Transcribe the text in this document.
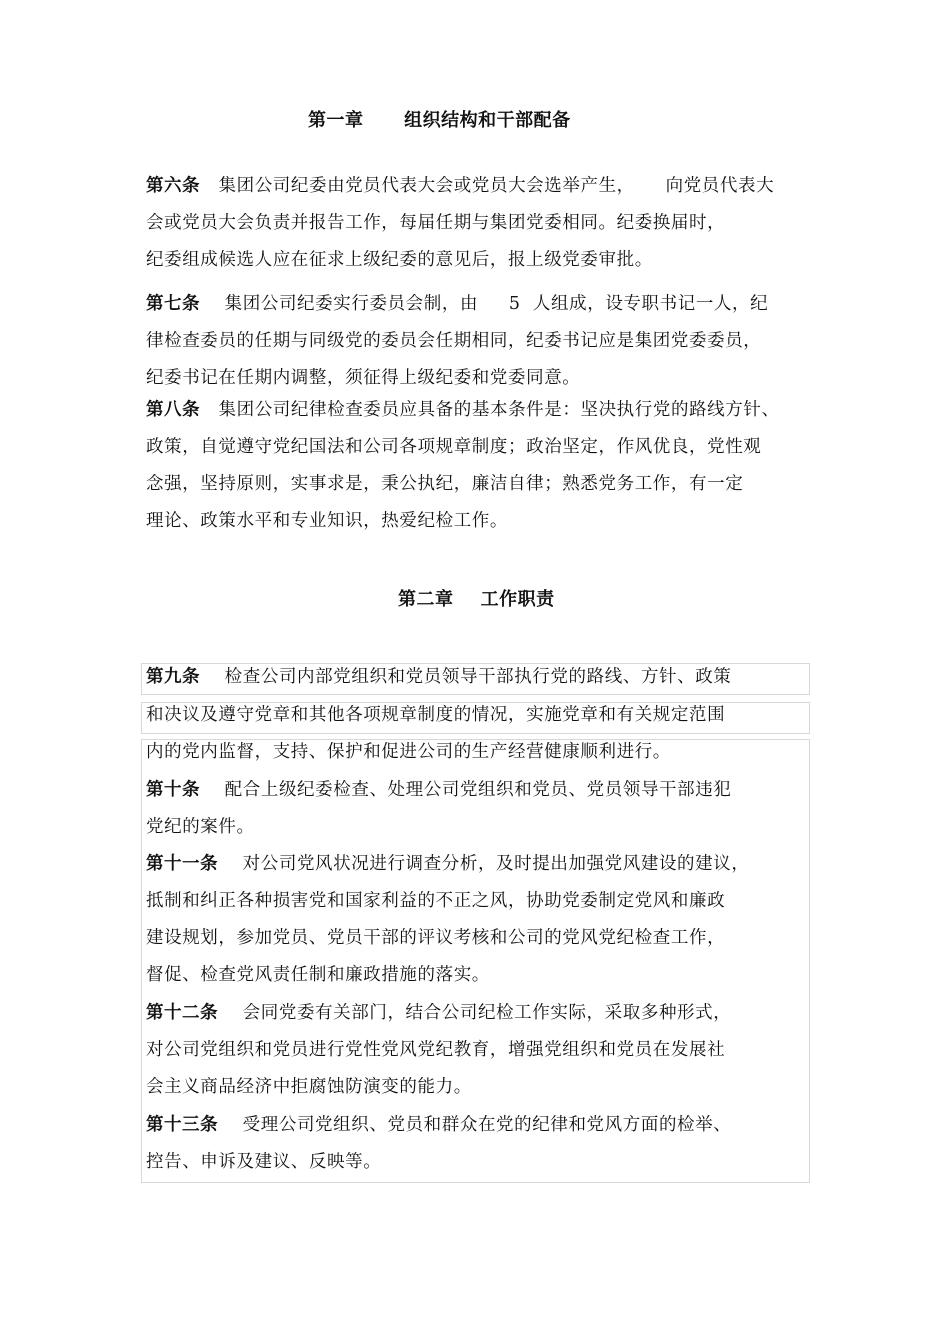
第一章      组织结构和干部配备
第六条   集团公司纪委由党员代表大会或党员大会选举产生，     向党员代表大
会或党员大会负责并报告工作，每届任期与集团党委相同。纪委换届时，
纪委组成候选人应在征求上级纪委的意见后，报上级党委审批。
第七条    集团公司纪委实行委员会制，由     5  人组成，设专职书记一人，纪
律检查委员的任期与同级党的委员会任期相同，纪委书记应是集团党委委员，
纪委书记在任期内调整，须征得上级纪委和党委同意。
第八条   集团公司纪律检查委员应具备的基本条件是：坚决执行党的路线方针、
政策，自觉遵守党纪国法和公司各项规章制度；政治坚定，作风优良，党性观
念强，坚持原则，实事求是，秉公执纪，廉洁自律；熟悉党务工作，有一定
理论、政策水平和专业知识，热爱纪检工作。
第二章    工作职责
第九条    检查公司内部党组织和党员领导干部执行党的路线、方针、政策
和决议及遵守党章和其他各项规章制度的情况，实施党章和有关规定范围
内的党内监督，支持、保护和促进公司的生产经营健康顺利进行。
第十条    配合上级纪委检查、处理公司党组织和党员、党员领导干部违犯
党纪的案件。
第十一条    对公司党风状况进行调查分析，及时提出加强党风建设的建议，
抵制和纠正各种损害党和国家利益的不正之风，协助党委制定党风和廉政
建设规划，参加党员、党员干部的评议考核和公司的党风党纪检查工作，
督促、检查党风责任制和廉政措施的落实。
第十二条    会同党委有关部门，结合公司纪检工作实际，采取多种形式，
对公司党组织和党员进行党性党风党纪教育，增强党组织和党员在发展社
会主义商品经济中拒腐蚀防演变的能力。
第十三条    受理公司党组织、党员和群众在党的纪律和党风方面的检举、
控告、申诉及建议、反映等。
